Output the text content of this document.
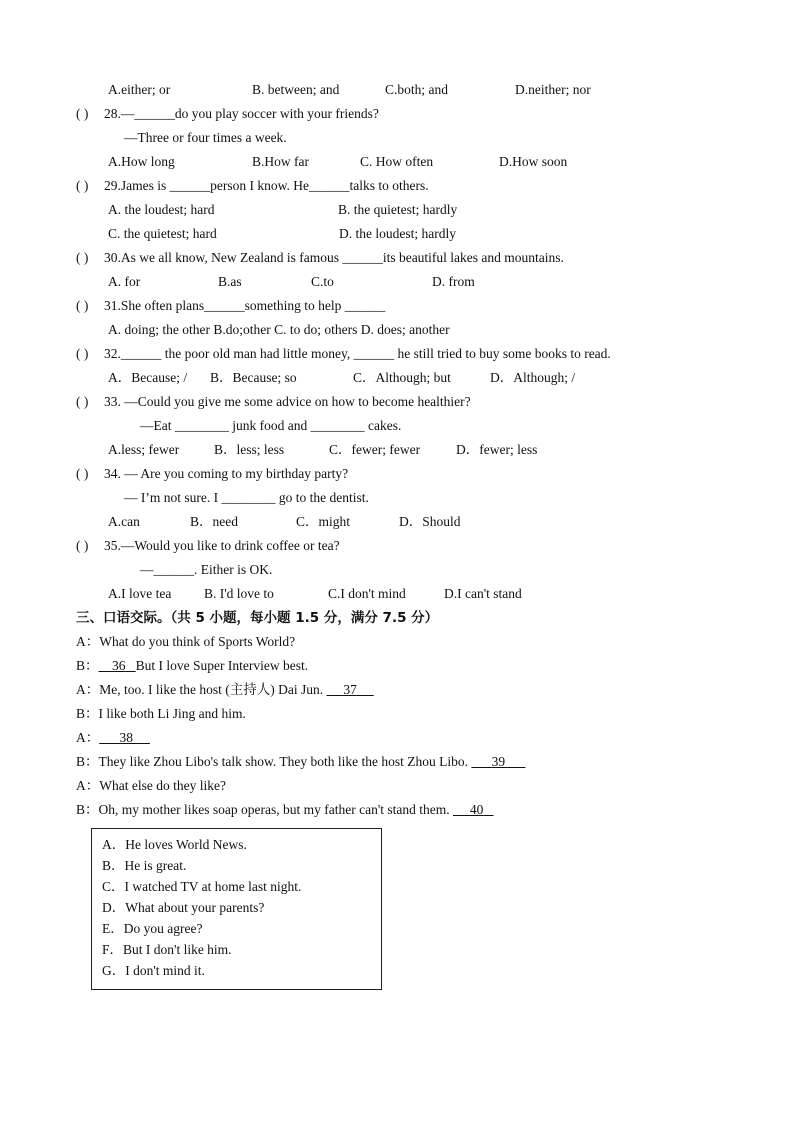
A.either; or	B. between; and	C.both; and	D.neither; nor
( ) 28.—______do you play soccer with your friends?
—Three or four times a week.
A.How long	B.How far	C. How often	D.How soon
( ) 29.James is ______person I know. He______talks to others.
A. the loudest; hard	B. the quietest; hardly
C. the quietest; hard	D. the loudest; hardly
( ) 30.As we all know, New Zealand is famous ______its beautiful lakes and mountains.
A. for	B.as	C.to	D. from
( ) 31.She often plans______something to help ______
A. doing; the other B.do;other C. to do; others D. does; another
( ) 32.______ the poor old man had little money, ______ he still tried to buy some books to read.
A．Because; / B．Because; so	C．Although; but	D．Although; /
( ) 33. —Could you give me some advice on how to become healthier?
—Eat ________ junk food and ________ cakes.
A.less; fewer	B．less; less	C．fewer; fewer	D．fewer; less
( ) 34. — Are you coming to my birthday party?
— I’m not sure. I ________ go to the dentist.
A.can	B．need	C．might	D．Should
( ) 35.—Would you like to drink coffee or tea?
—______. Either is OK.
A.I love tea B. I'd love to	C.I don't mind	D.I can't stand
三、口语交际。（共 5 小题，每小题 1.5 分，满分 7.5 分）
A：What do you think of Sports World?
B： 36 But I love Super Interview best.
A：Me, too. I like the host (主持人) Dai Jun. 37
B：I like both Li Jing and him.
A： 38
B：They like Zhou Libo's talk show. They both like the host Zhou Libo. 39
A：What else do they like?
B：Oh, my mother likes soap operas, but my father can't stand them. 40
A．He loves World News.
B．He is great.
C．I watched TV at home last night.
D．What about your parents?
E．Do you agree?
F．But I don't like him.
G．I don't mind it.
